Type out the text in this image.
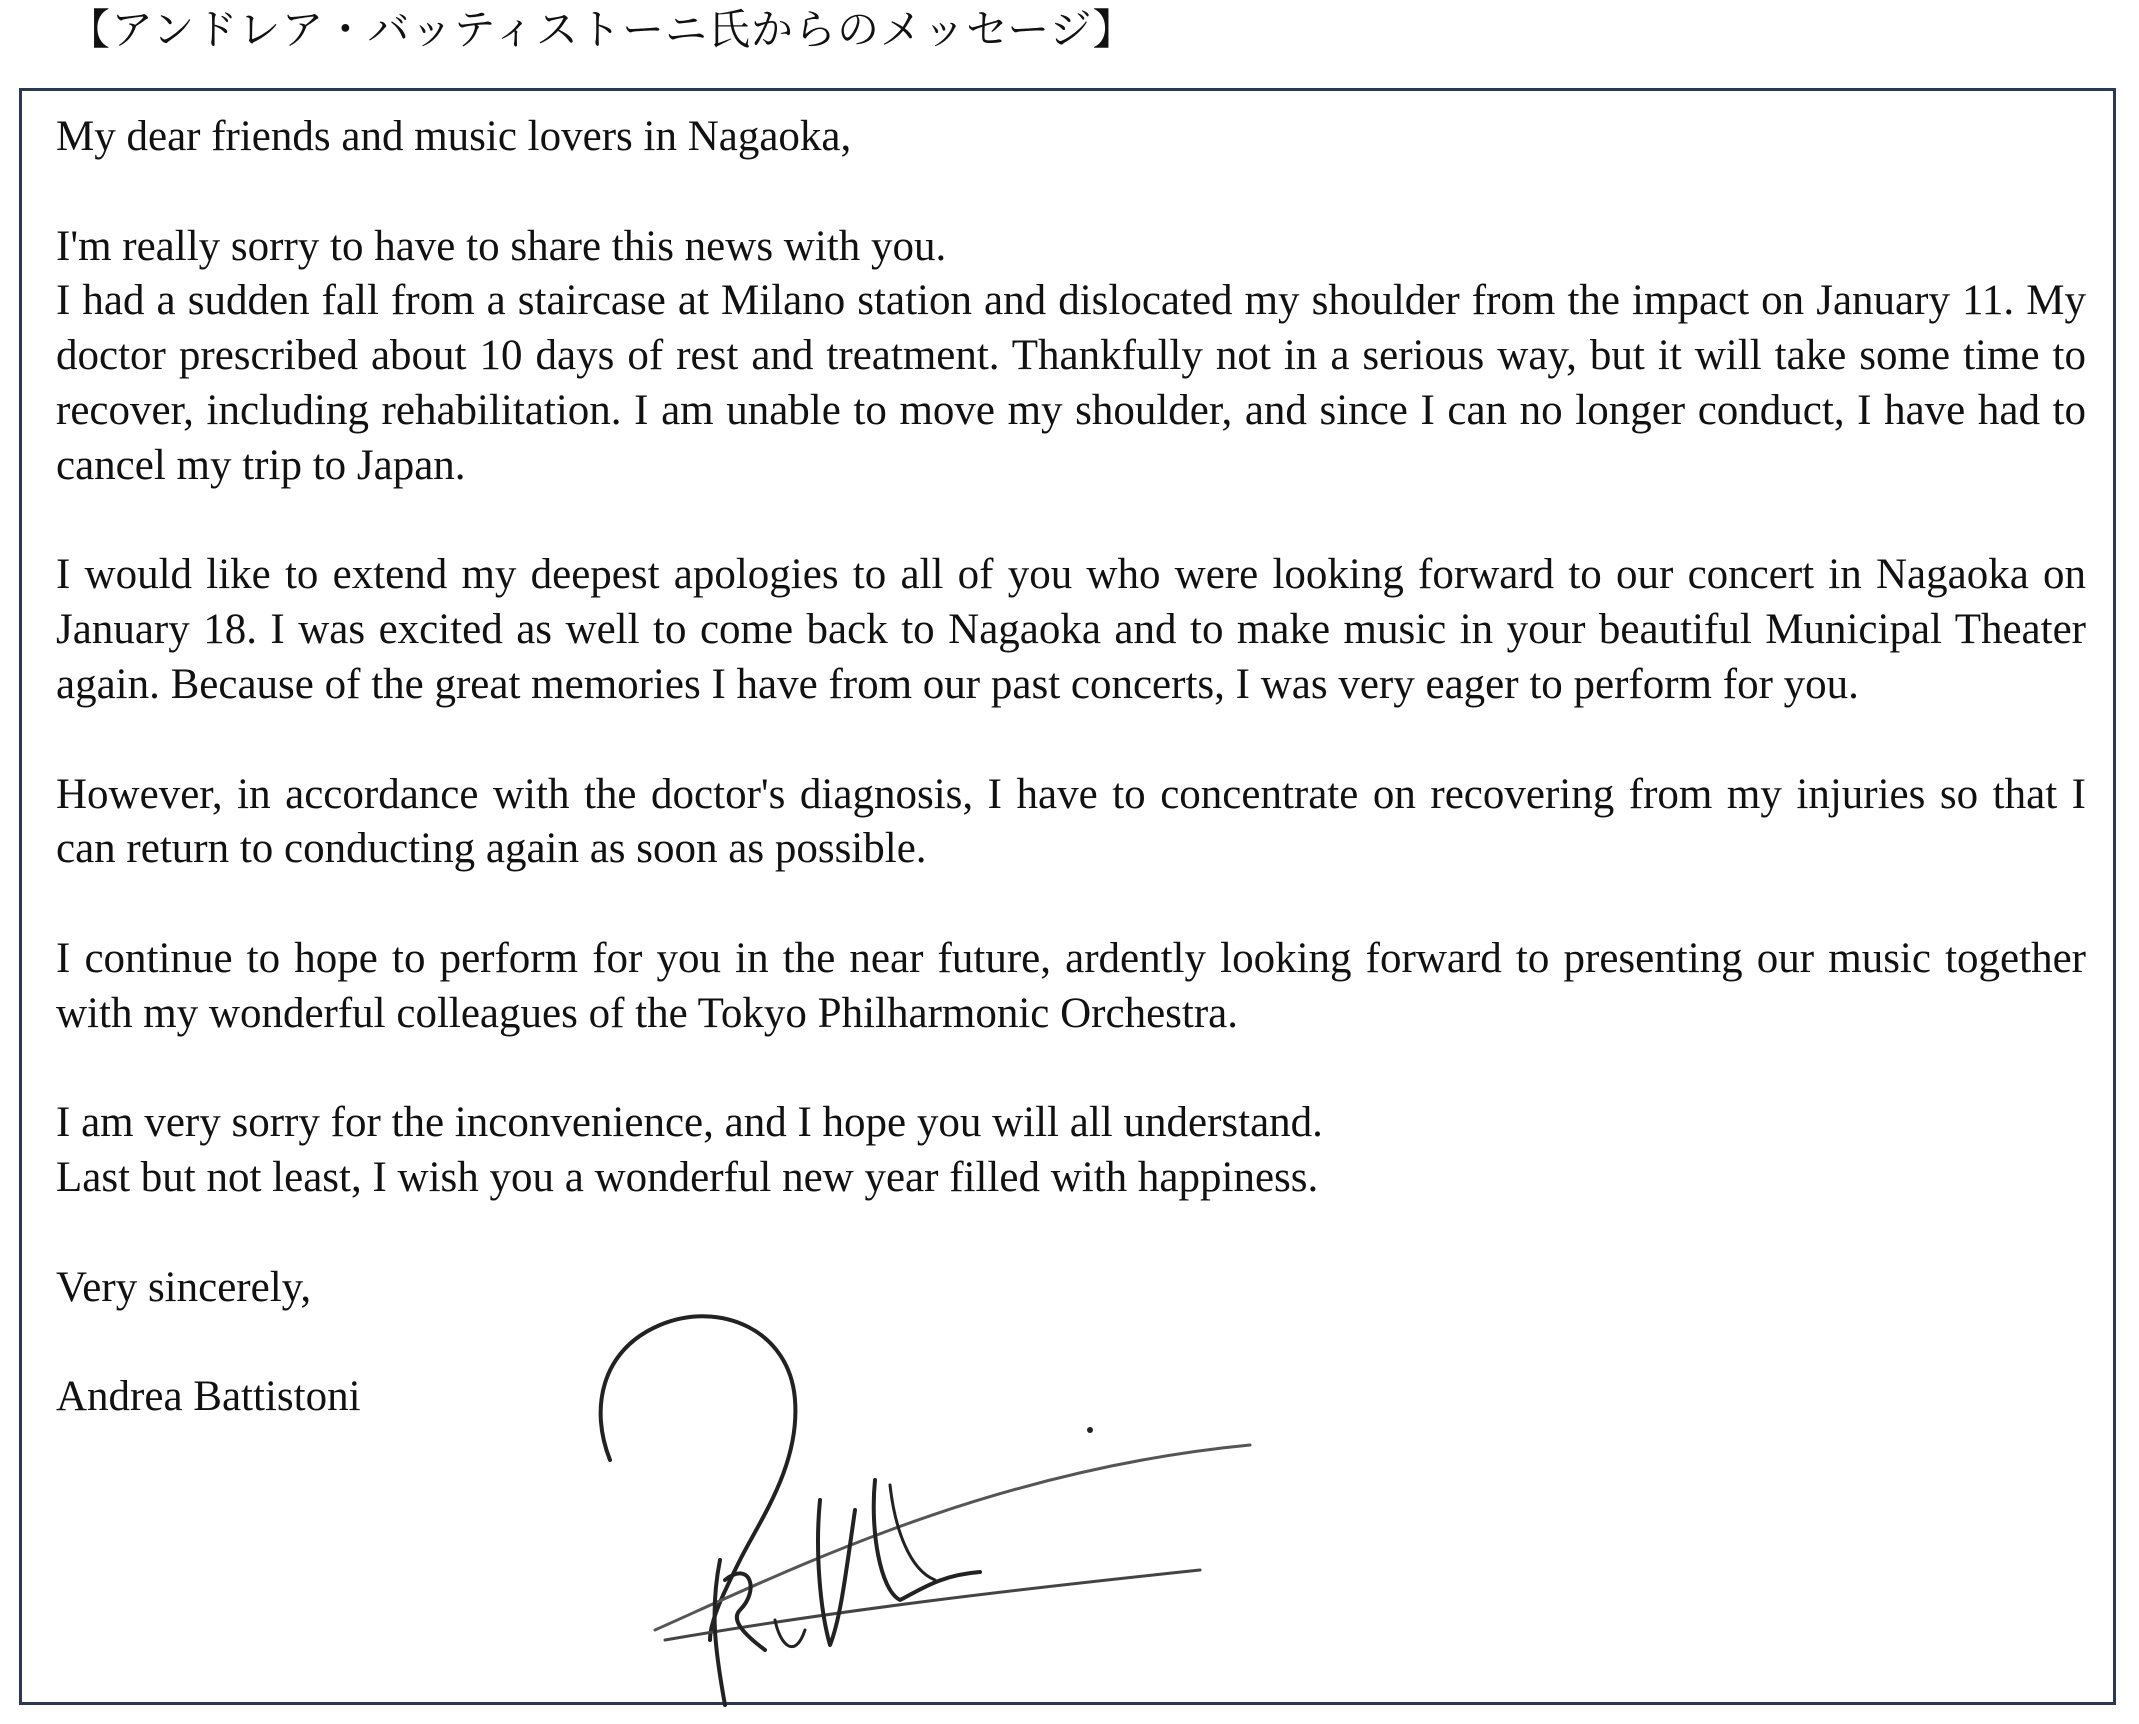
【アンドレア・バッティストーニ氏からのメッセージ】

My dear friends and music lovers in Nagaoka,

I'm really sorry to have to share this news with you.
I had a sudden fall from a staircase at Milano station and dislocated my shoulder from the impact on January 11. My doctor prescribed about 10 days of rest and treatment. Thankfully not in a serious way, but it will take some time to recover, including rehabilitation. I am unable to move my shoulder, and since I can no longer conduct, I have had to cancel my trip to Japan.

I would like to extend my deepest apologies to all of you who were looking forward to our concert in Nagaoka on January 18. I was excited as well to come back to Nagaoka and to make music in your beautiful Municipal Theater again. Because of the great memories I have from our past concerts, I was very eager to perform for you.

However, in accordance with the doctor's diagnosis, I have to concentrate on recovering from my injuries so that I can return to conducting again as soon as possible.

I continue to hope to perform for you in the near future, ardently looking forward to presenting our music together with my wonderful colleagues of the Tokyo Philharmonic Orchestra.

I am very sorry for the inconvenience, and I hope you will all understand.
Last but not least, I wish you a wonderful new year filled with happiness.

Very sincerely,

Andrea Battistoni
